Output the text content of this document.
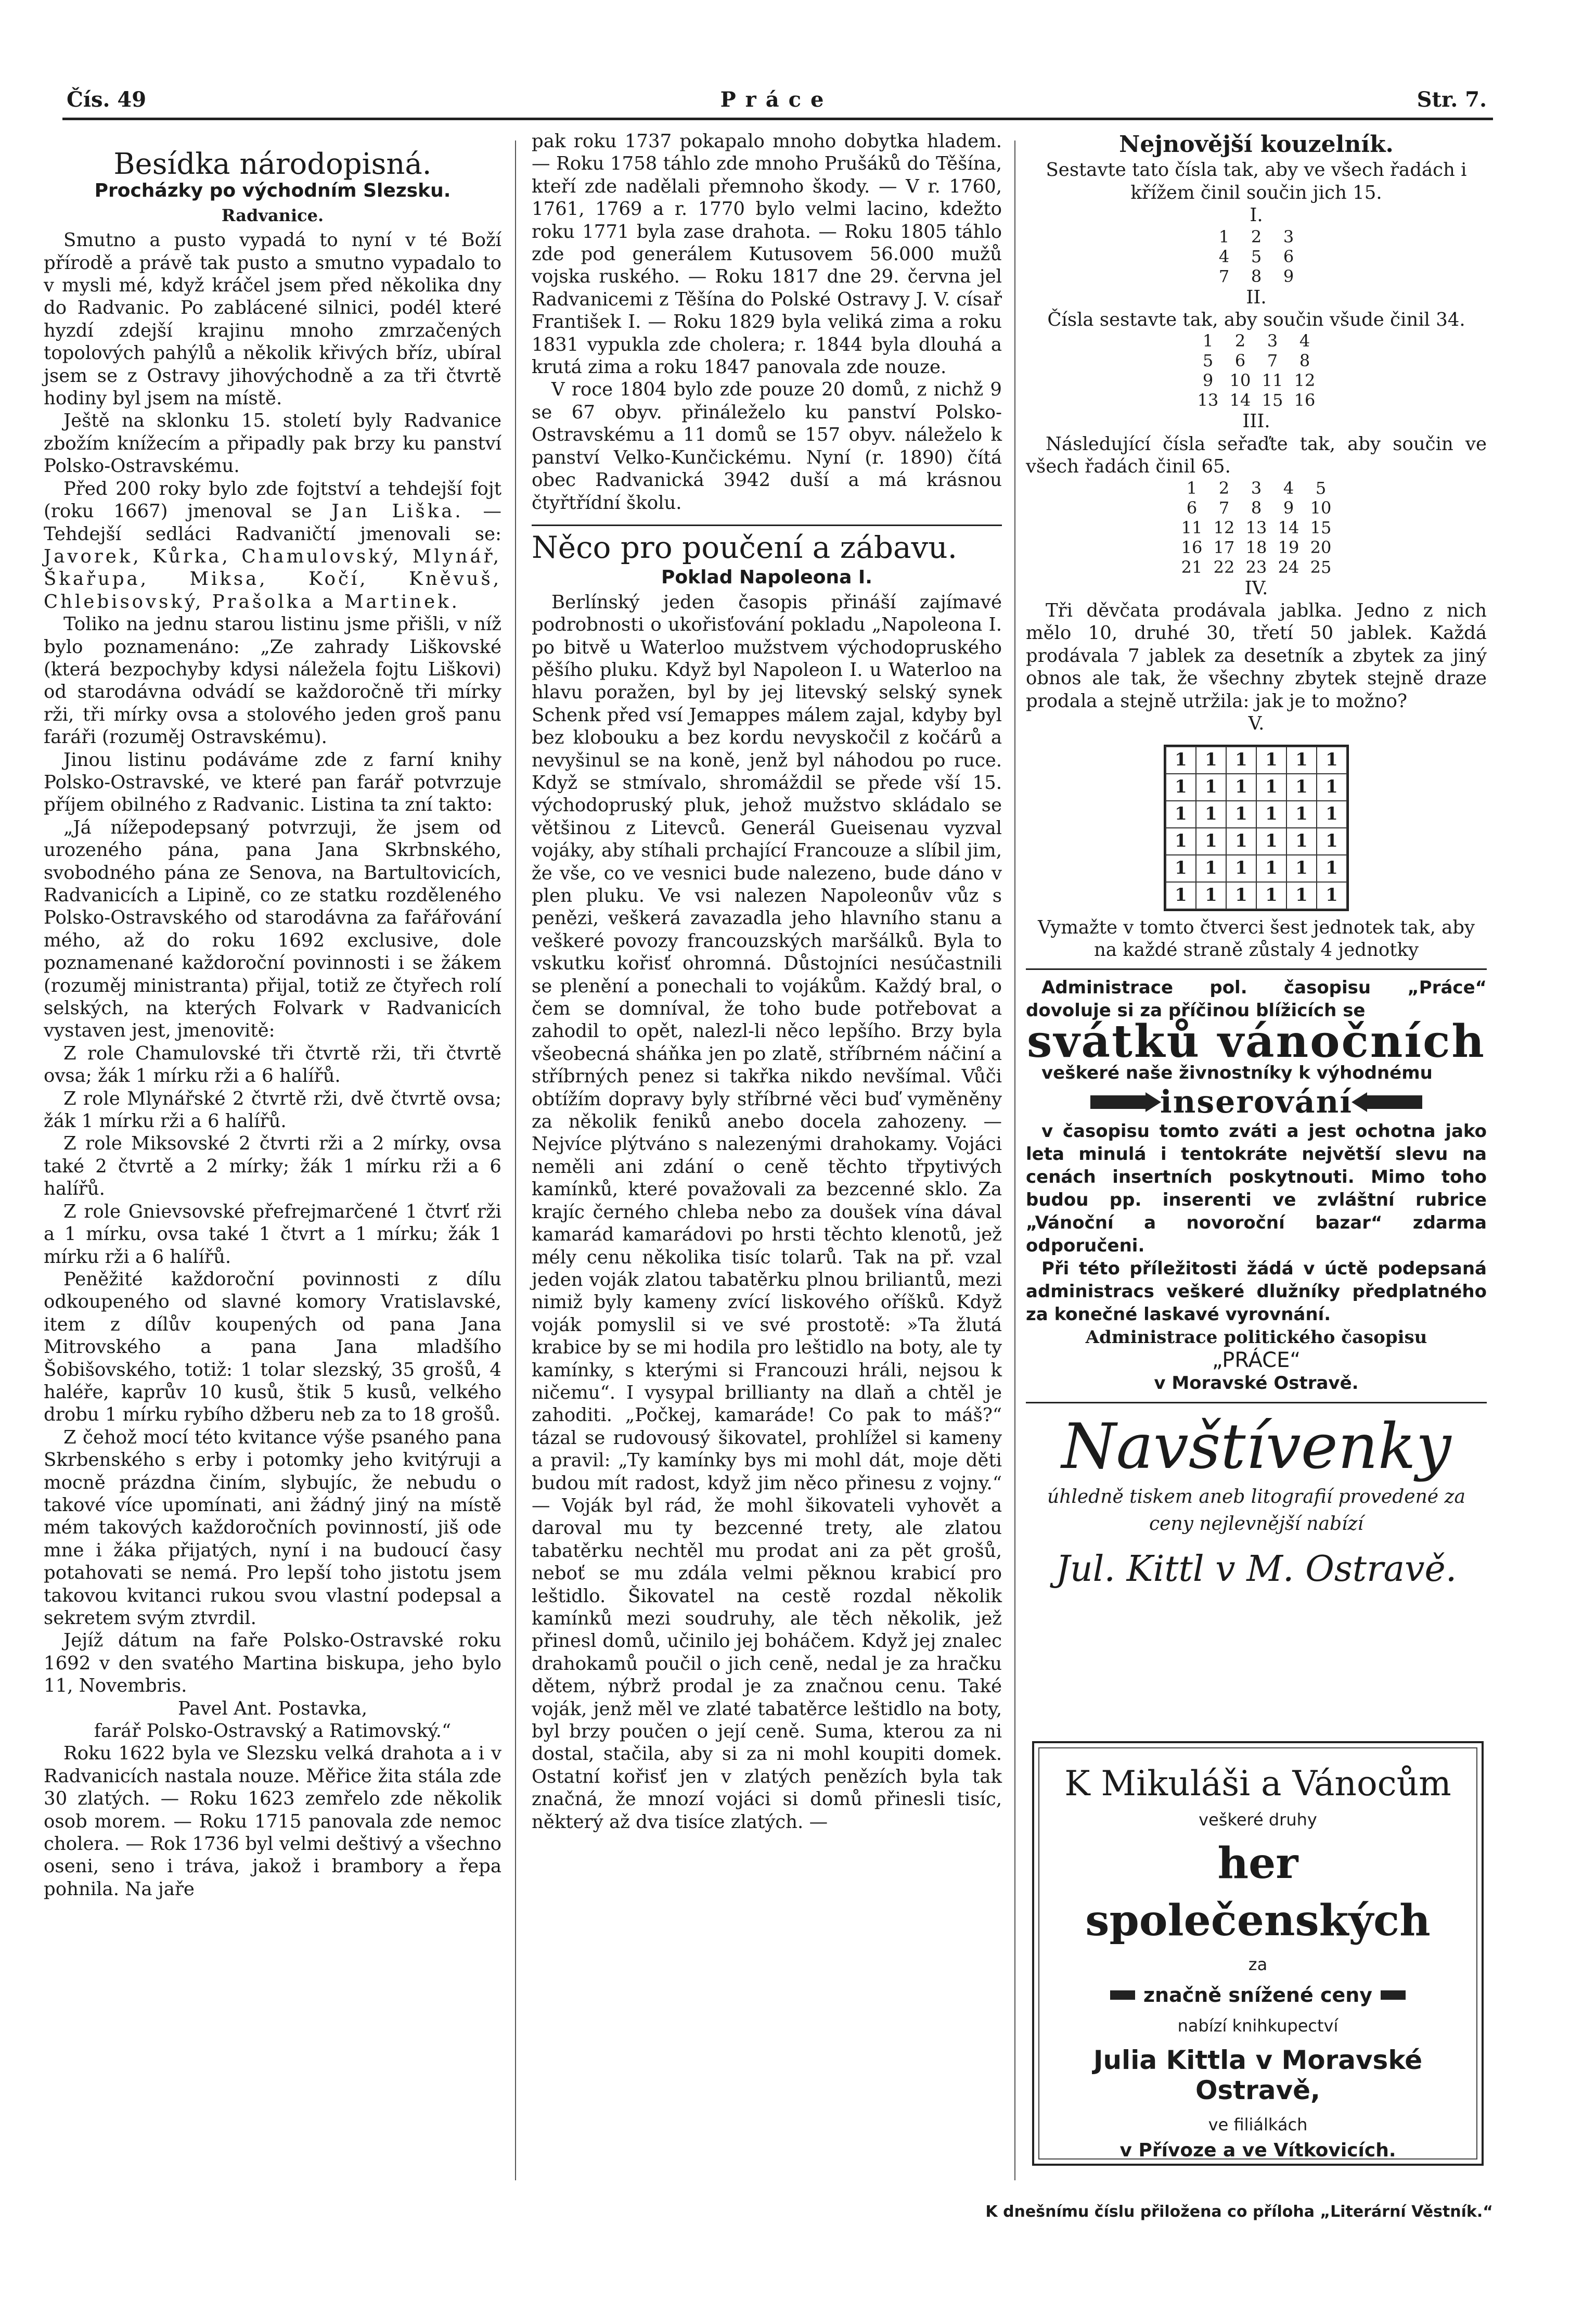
Čís. 49	Práce	Str. 7.
Besídka národopisná.
Procházky po východním Slezsku.
Radvanice.

Smutno a pusto vypadá to nyní v té Boží přírodě a právě tak pusto a smutno vypadalo to v mysli mé, když kráčel jsem před několika dny do Radvanic. Po zablácené silnici, podél které hyzdí zdejší krajinu mnoho zmrzačených topolových pahýlů a několik křivých bříz, ubíral jsem se z Ostravy jihovýchodně a za tři čtvrtě hodiny byl jsem na místě.

Ještě na sklonku 15. století byly Radvanice zbožím knížecím a připadly pak brzy ku panství Polsko-Ostravskému.

Před 200 roky bylo zde fojtství a tehdejší fojt (roku 1667) jmenoval se Jan Liška. — Tehdejší sedláci Radvaničtí jmenovali se: Javorek, Kůrka, Chamulovský, Mlynář, Škařupa, Miksa, Kočí, Kněvuš, Chlebisovský, Prašolka a Martinek.

Toliko na jednu starou listinu jsme přišli, v níž bylo poznamenáno: „Ze zahrady Liškovské (která bezpochyby kdysi náležela fojtu Liškovi) od starodávna odvádí se každoročně tři mírky rži, tři mírky ovsa a stolového jeden groš panu faráři (rozuměj Ostravskému).

Jinou listinu podáváme zde z farní knihy Polsko-Ostravské, ve které pan farář potvrzuje příjem obilného z Radvanic. Listina ta zní takto:

„Já nížepodepsaný potvrzuji, že jsem od urozeného pána, pana Jana Skrbnského, svobodného pána ze Senova, na Bartultovicích, Radvanicích a Lipině, co ze statku rozděleného Polsko-Ostravského od starodávna za fařářování mého, až do roku 1692 exclusive, dole poznamenané každoroční povinnosti i se žákem (rozuměj ministranta) přijal, totiž ze čtyřech rolí selských, na kterých Folvark v Radvanicích vystaven jest, jmenovitě:

Z role Chamulovské tři čtvrtě rži, tři čtvrtě ovsa; žák 1 mírku rži a 6 halířů.

Z role Mlynářské 2 čtvrtě rži, dvě čtvrtě ovsa; žák 1 mírku rži a 6 halířů.

Z role Miksovské 2 čtvrti rži a 2 mírky, ovsa také 2 čtvrtě a 2 mírky; žák 1 mírku rži a 6 halířů.

Z role Gnievsovské přefrejmarčené 1 čtvrť rži a 1 mírku, ovsa také 1 čtvrt a 1 mírku; žák 1 mírku rži a 6 halířů.

Peněžité každoroční povinnosti z dílu odkoupeného od slavné komory Vratislavské, item z dílův koupených od pana Jana Mitrovského a pana Jana mladšího Šobišovského, totiž: 1 tolar slezský, 35 grošů, 4 haléře, kaprův 10 kusů, štik 5 kusů, velkého drobu 1 mírku rybího džberu neb za to 18 grošů.

Z čehož mocí této kvitance výše psaného pana Skrbenského s erby i potomky jeho kvitýruji a mocně prázdna činím, slybujíc, že nebudu o takové více upomínati, ani žádný jiný na místě mém takových každoročních povinností, jiš ode mne i žáka přijatých, nyní i na budoucí časy potahovati se nemá. Pro lepší toho jistotu jsem takovou kvitanci rukou svou vlastní podepsal a sekretem svým ztvrdil.

Jejíž dátum na faře Polsko-Ostravské roku 1692 v den svatého Martina biskupa, jeho bylo 11, Novembris.

Pavel Ant. Postavka,

farář Polsko-Ostravský a Ratimovský.“

Roku 1622 byla ve Slezsku velká drahota a i v Radvanicích nastala nouze. Měřice žita stála zde 30 zlatých. — Roku 1623 zemřelo zde několik osob morem. — Roku 1715 panovala zde nemoc cholera. — Rok 1736 byl velmi deštivý a všechno oseni, seno i tráva, jakož i brambory a řepa pohnila. Na jaře

pak roku 1737 pokapalo mnoho dobytka hladem. — Roku 1758 táhlo zde mnoho Prušáků do Těšína, kteří zde nadělali přemnoho škody. — V r. 1760, 1761, 1769 a r. 1770 bylo velmi lacino, kdežto roku 1771 byla zase drahota. — Roku 1805 táhlo zde pod generálem Kutusovem 56.000 mužů vojska ruského. — Roku 1817 dne 29. června jel Radvanicemi z Těšína do Polské Ostravy J. V. císař František I. — Roku 1829 byla veliká zima a roku 1831 vypukla zde cholera; r. 1844 byla dlouhá a krutá zima a roku 1847 panovala zde nouze.

V roce 1804 bylo zde pouze 20 domů, z nichž 9 se 67 obyv. přináleželo ku panství Polsko-Ostravskému a 11 domů se 157 obyv. náleželo k panství Velko-Kunčickému. Nyní (r. 1890) čítá obec Radvanická 3942 duší a má krásnou čtyřtřídní školu.

Něco pro poučení a zábavu.
Poklad Napoleona I.

Berlínský jeden časopis přináší zajímavé podrobnosti o ukořisťování pokladu „Napoleona I. po bitvě u Waterloo mužstvem východopruského pěšího pluku. Když byl Napoleon I. u Waterloo na hlavu poražen, byl by jej litevský selský synek Schenk před vsí Jemappes málem zajal, kdyby byl bez klobouku a bez kordu nevyskočil z kočárů a nevyšinul se na koně, jenž byl náhodou po ruce. Když se stmívalo, shromáždil se přede vší 15. východopruský pluk, jehož mužstvo skládalo se většinou z Litevců. Generál Gueisenau vyzval vojáky, aby stíhali prchající Francouze a slíbil jim, že vše, co ve vesnici bude nalezeno, bude dáno v plen pluku. Ve vsi nalezen Napoleonův vůz s penězi, veškerá zavazadla jeho hlavního stanu a veškeré povozy francouzských maršálků. Byla to vskutku kořisť ohromná. Důstojníci nesúčastnili se plenění a ponechali to vojákům. Každý bral, o čem se domníval, že toho bude potřebovat a zahodil to opět, nalezl-li něco lepšího. Brzy byla všeobecná sháňka jen po zlatě, stříbrném náčiní a stříbrných penez si takřka nikdo nevšímal. Vůči obtížím dopravy byly stříbrné věci buď vyměněny za několik feniků anebo docela zahozeny. — Nejvíce plýtváno s nalezenými drahokamy. Vojáci neměli ani zdání o ceně těchto třpytivých kamínků, které považovali za bezcenné sklo. Za krajíc černého chleba nebo za doušek vína dával kamarád kamarádovi po hrsti těchto klenotů, jež mély cenu několika tisíc tolarů. Tak na př. vzal jeden voják zlatou tabatěrku plnou briliantů, mezi nimiž byly kameny zvící liskového oříšků. Když voják pomyslil si ve své prostotě: »Ta žlutá krabice by se mi hodila pro leštidlo na boty, ale ty kamínky, s kterými si Francouzi hráli, nejsou k ničemu“. I vysypal brillianty na dlaň a chtěl je zahoditi. „Počkej, kamaráde! Co pak to máš?“ tázal se rudovousý šikovatel, prohlížel si kameny a pravil: „Ty kamínky bys mi mohl dát, moje děti budou mít radost, když jim něco přinesu z vojny.“ — Voják byl rád, že mohl šikovateli vyhovět a daroval mu ty bezcenné trety, ale zlatou tabatěrku nechtěl mu prodat ani za pět grošů, neboť se mu zdála velmi pěknou krabicí pro leštidlo. Šikovatel na cestě rozdal několik kamínků mezi soudruhy, ale těch několik, jež přinesl domů, učinilo jej boháčem. Když jej znalec drahokamů poučil o jich ceně, nedal je za hračku dětem, nýbrž prodal je za značnou cenu. Také voják, jenž měl ve zlaté tabatěrce leštidlo na boty, byl brzy poučen o její ceně. Suma, kterou za ni dostal, stačila, aby si za ni mohl koupiti domek. Ostatní kořisť jen v zlatých penězích byla tak značná, že mnozí vojáci si domů přinesli tisíc, některý až dva tisíce zlatých. —

Nejnovější kouzelník.

Sestavte tato čísla tak, aby ve všech řadách i křížem činil součin jich 15.

I.

1	2	3
4	5	6
7	8	9

II.

Čísla sestavte tak, aby součin všude činil 34.

1	2	3	4
5	6	7	8
9	10	11	12
13	14	15	16

III.

Následující čísla seřaďte tak, aby součin ve všech řadách činil 65.

1	2	3	4	5
6	7	8	9	10
11	12	13	14	15
16	17	18	19	20
21	22	23	24	25

IV.

Tři děvčata prodávala jablka. Jedno z nich mělo 10, druhé 30, třetí 50 jablek. Každá prodávala 7 jablek za desetník a zbytek za jiný obnos ale tak, že všechny zbytek stejně draze prodala a stejně utržila: jak je to možno?

V.

1	1	1	1	1	1
1	1	1	1	1	1
1	1	1	1	1	1
1	1	1	1	1	1
1	1	1	1	1	1
1	1	1	1	1	1

Vymažte v tomto čtverci šest jednotek tak, aby na každé straně zůstaly 4 jednotky

Administrace pol. časopisu „Práce“ dovoluje si za příčinou blížicích se

svátků vánočních

veškeré naše živnostníky k výhodnému

inserování

v časopisu tomto zváti a jest ochotna jako leta minulá i tentokráte největší slevu na cenách insertních poskytnouti. Mimo toho budou pp. inserenti ve zvláštní rubrice „Vánoční a novoroční bazar“ zdarma odporučeni.

Při této příležitosti žádá v úctě podepsaná administracs veškeré dlužníky předplatného za konečné laskavé vyrovnání.

Administrace politického časopisu

„PRÁCE“

v Moravské Ostravě.

Navštívenky
úhledně tiskem aneb litografií provedené za ceny nejlevnější nabízí
Jul. Kittl v M. Ostravě.
K Mikuláši a Vánocům
veškeré druhy
her společenských
za
značně snížené ceny
nabízí knihkupectví
Julia Kittla v Moravské Ostravě,
ve filiálkách
v Přívoze a ve Vítkovicích.
K dnešnímu číslu přiložena co příloha „Literární Věstník.“
